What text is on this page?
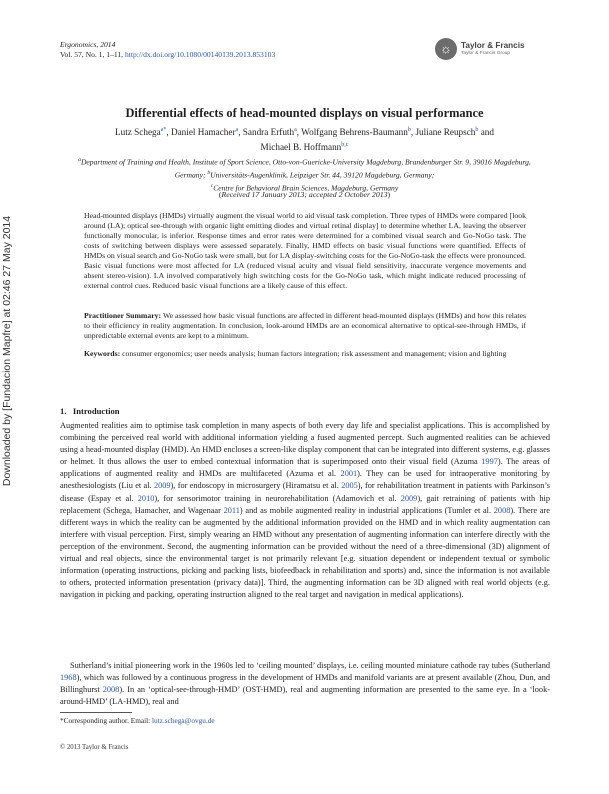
Downloaded by [Fundacion Mapfre] at 02:46 27 May 2014
Ergonomics, 2014
Vol. 57, No. 1, 1–11, http://dx.doi.org/10.1080/00140139.2013.853103	☼	Taylor & Francis
Taylor & Francis Group
Differential effects of head-mounted displays on visual performance
Lutz Schega$^{a*}$, Daniel Hamacher$^a$, Sandra Erfuth$^a$, Wolfgang Behrens-Baumann$^b$, Juliane Reupsch$^b$ and
Michael B. Hoffmann$^{b,c}$
$^a$Department of Training and Health, Institute of Sport Science, Otto-von-Guericke-University Magdeburg, Brandenburger Str. 9, 39016 Magdeburg, Germany; $^b$Universitäts-Augenklinik, Leipziger Str. 44, 39120 Magdeburg, Germany;
$^c$Centre for Behavioral Brain Sciences, Magdeburg, Germany
(Received 17 January 2013; accepted 2 October 2013)
Head-mounted displays (HMDs) virtually augment the visual world to aid visual task completion. Three types of HMDs were compared [look around (LA); optical see-through with organic light emitting diodes and virtual retinal display] to determine whether LA, leaving the observer functionally monocular, is inferior. Response times and error rates were determined for a combined visual search and Go-NoGo task. The costs of switching between displays were assessed separately. Finally, HMD effects on basic visual functions were quantified. Effects of HMDs on visual search and Go-NoGo task were small, but for LA display-switching costs for the Go-NoGo-task the effects were pronounced. Basic visual functions were most affected for LA (reduced visual acuity and visual field sensitivity, inaccurate vergence movements and absent stereo-vision). LA involved comparatively high switching costs for the Go-NoGo task, which might indicate reduced processing of external control cues. Reduced basic visual functions are a likely cause of this effect.
Practitioner Summary: We assessed how basic visual functions are affected in different head-mounted displays (HMDs) and how this relates to their efficiency in reality augmentation. In conclusion, look-around HMDs are an economical alternative to optical-see-through HMDs, if unpredictable external events are kept to a minimum.
Keywords: consumer ergonomics; user needs analysis; human factors integration; risk assessment and management; vision and lighting
1. Introduction
Augmented realities aim to optimise task completion in many aspects of both every day life and specialist applications. This is accomplished by combining the perceived real world with additional information yielding a fused augmented percept. Such augmented realities can be achieved using a head-mounted display (HMD). An HMD encloses a screen-like display component that can be integrated into different systems, e.g. glasses or helmet. It thus allows the user to embed contextual information that is superimposed onto their visual field (Azuma 1997). The areas of applications of augmented reality and HMDs are multifaceted (Azuma et al. 2001). They can be used for intraoperative monitoring by anesthesiologists (Liu et al. 2009), for endoscopy in microsurgery (Hiramatsu et al. 2005), for rehabilitation treatment in patients with Parkinson’s disease (Espay et al. 2010), for sensorimotor training in neurorehabilitation (Adamovich et al. 2009), gait retraining of patients with hip replacement (Schega, Hamacher, and Wagenaar 2011) and as mobile augmented reality in industrial applications (Tumler et al. 2008). There are different ways in which the reality can be augmented by the additional information provided on the HMD and in which reality augmentation can interfere with visual perception. First, simply wearing an HMD without any presentation of augmenting information can interfere directly with the perception of the environment. Second, the augmenting information can be provided without the need of a three-dimensional (3D) alignment of virtual and real objects, since the environmental target is not primarily relevant [e.g. situation dependent or independent textual or symbolic information (operating instructions, picking and packing lists, biofeedback in rehabilitation and sports) and, since the information is not available to others, protected information presentation (privacy data)]. Third, the augmenting information can be 3D aligned with real world objects (e.g. navigation in picking and packing, operating instruction aligned to the real target and navigation in medical applications).
Sutherland’s initial pioneering work in the 1960s led to ‘ceiling mounted’ displays, i.e. ceiling mounted miniature cathode ray tubes (Sutherland 1968), which was followed by a continuous progress in the development of HMDs and manifold variants are at present available (Zhou, Dun, and Billinghurst 2008). In an ‘optical-see-through-HMD’ (OST-HMD), real and augmenting information are presented to the same eye. In a ‘look-around-HMD’ (LA-HMD), real and
*Corresponding author. Email: lutz.schega@ovgu.de
© 2013 Taylor & Francis
